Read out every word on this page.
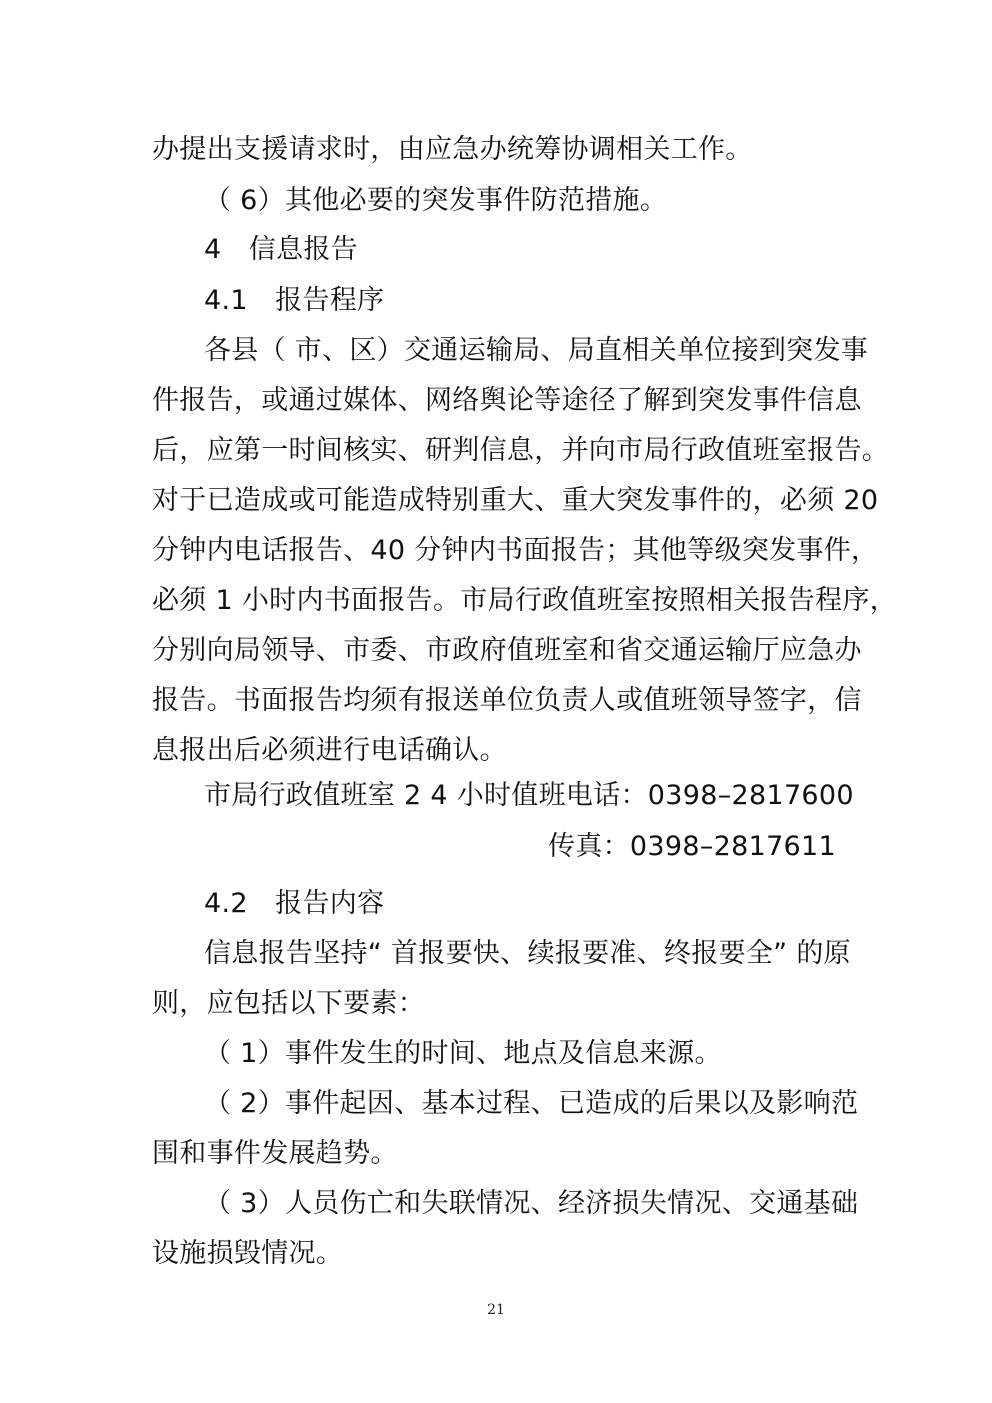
办提出支援请求时，由应急办统筹协调相关工作。
（ 6）其他必要的突发事件防范措施。
4　信息报告
4.1　报告程序
各县（ 市、区）交通运输局、局直相关单位接到突发事
件报告，或通过媒体、网络舆论等途径了解到突发事件信息
后，应第一时间核实、研判信息，并向市局行政值班室报告。
对于已造成或可能造成特别重大、重大突发事件的，必须 20
分钟内电话报告、40 分钟内书面报告；其他等级突发事件，
必须 1 小时内书面报告。市局行政值班室按照相关报告程序，
分别向局领导、市委、市政府值班室和省交通运输厅应急办
报告。书面报告均须有报送单位负责人或值班领导签字，信
息报出后必须进行电话确认。
市局行政值班室 2 4 小时值班电话：0398–2817600
传真：0398–2817611
4.2　报告内容
信息报告坚持“ 首报要快、续报要准、终报要全” 的原
则，应包括以下要素：
（ 1）事件发生的时间、地点及信息来源。
（ 2）事件起因、基本过程、已造成的后果以及影响范
围和事件发展趋势。
（ 3）人员伤亡和失联情况、经济损失情况、交通基础
设施损毁情况。
21
